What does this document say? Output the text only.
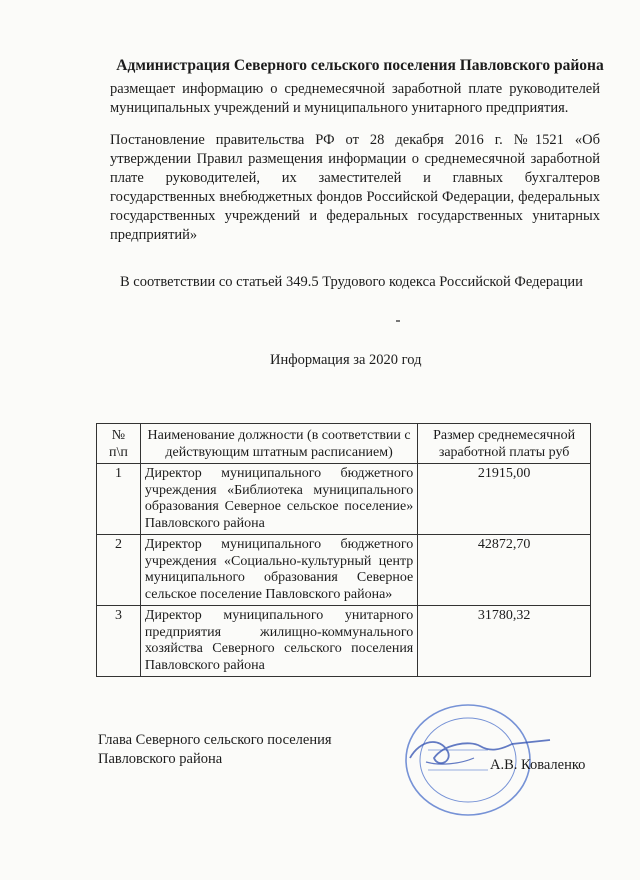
Администрация Северного сельского поселения Павловского района
размещает информацию о среднемесячной заработной плате руководителей муниципальных учреждений и муниципального унитарного предприятия.
Постановление правительства РФ от 28 декабря 2016 г. №1521 «Об утверждении Правил размещения информации о среднемесячной заработной плате руководителей, их заместителей и главных бухгалтеров государственных внебюджетных фондов Российской Федерации, федеральных государственных учреждений и федеральных государственных унитарных предприятий»
В соответствии со статьей 349.5 Трудового кодекса Российской Федерации
Информация за 2020 год
№ п\п	Наименование должности (в соответствии с действующим штатным расписанием)	Размер среднемесячной заработной платы руб
1	Директор муниципального бюджетного учреждения «Библиотека муниципального образования Северное сельское поселение» Павловского района	21915,00
2	Директор муниципального бюджетного учреждения «Социально-культурный центр муниципального образования Северное сельское поселение Павловского района»	42872,70
3	Директор муниципального унитарного предприятия жилищно-коммунального хозяйства Северного сельского поселения Павловского района	31780,32
Глава Северного сельского поселения
Павловского района	А.В. Коваленко
